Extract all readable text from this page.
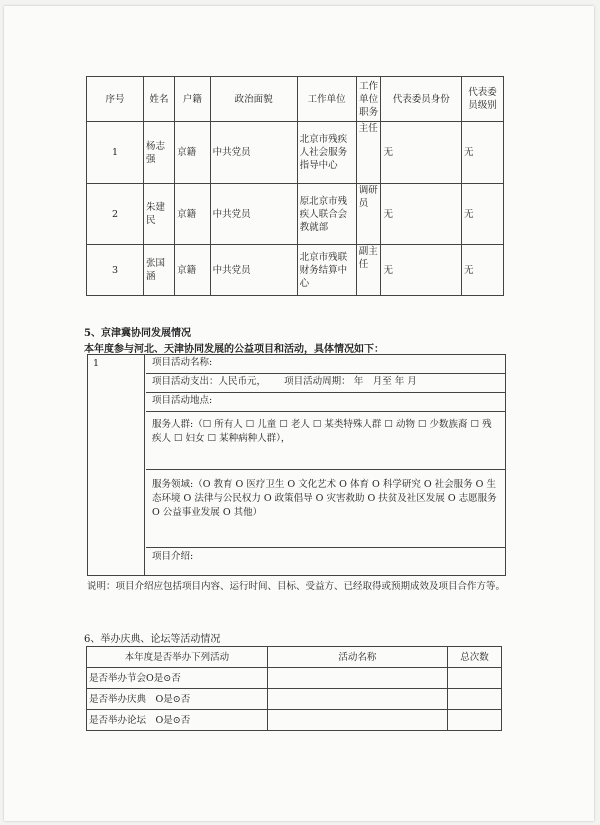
序号	姓名	户籍	政治面貌	工作单位	工作单位职务	代表委员身份	代表委员级别
1	杨志强	京籍	中共党员	北京市残疾人社会服务指导中心	主任	无	无
2	朱建民	京籍	中共党员	原北京市残疾人联合会教就部	调研员	无	无
3	张国涵	京籍	中共党员	北京市残联财务结算中心	副主任	无	无
5、京津冀协同发展情况
本年度参与河北、天津协同发展的公益项目和活动，具体情况如下：
1	项目活动名称:
项目活动支出：人民币元， 项目活动周期： 年　月至 年 月
项目活动地点:
服务人群:（☐ 所有人 ☐ 儿童 ☐ 老人 ☐ 某类特殊人群 ☐ 动物 ☐ 少数族裔 ☐ 残疾人 ☐ 妇女 ☐ 某种病种人群），
服务领域:（O 教育 O 医疗卫生 O 文化艺术 O 体育 O 科学研究 O 社会服务 O 生态环境 O 法律与公民权力 O 政策倡导 O 灾害救助 O 扶贫及社区发展 O 志愿服务 O 公益事业发展 O 其他）
项目介绍:
说明：项目介绍应包括项目内容、运行时间、目标、受益方、已经取得或预期成效及项目合作方等。
6、举办庆典、论坛等活动情况
本年度是否举办下列活动	活动名称	总次数
是否举办节会O是⊙否		
是否举办庆典　O是⊙否		
是否举办论坛　O是⊙否		
